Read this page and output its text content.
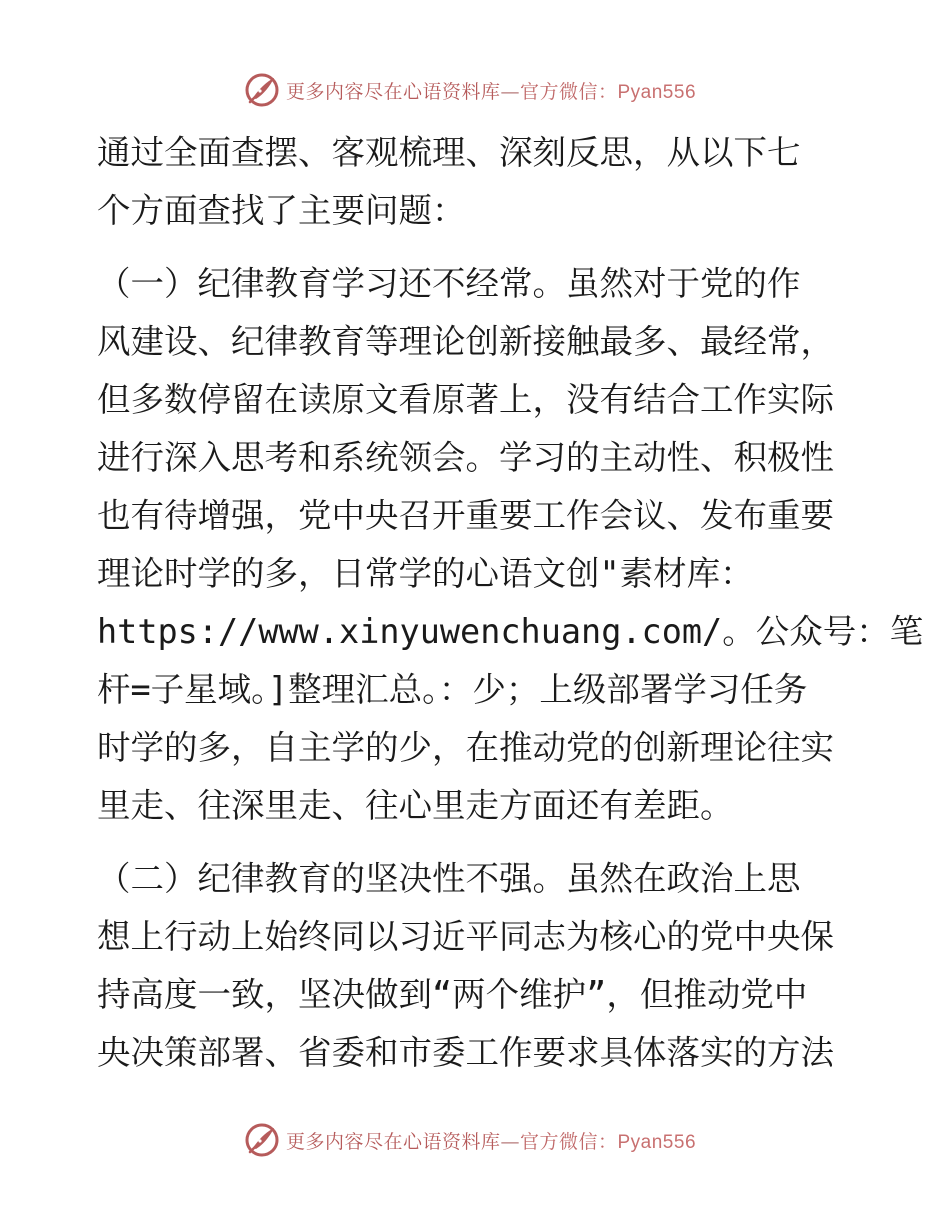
更多内容尽在心语资料库—官方微信：Pyan556
通过全面查摆、客观梳理、深刻反思，从以下七
个方面查找了主要问题：
（一）纪律教育学习还不经常。虽然对于党的作
风建设、纪律教育等理论创新接触最多、最经常，
但多数停留在读原文看原著上，没有结合工作实际
进行深入思考和系统领会。学习的主动性、积极性
也有待增强，党中央召开重要工作会议、发布重要
理论时学的多，日常学的心语文创"素材库：
https://www.xinyuwenchuang.com/。公众号：笔
杆=子星域。]整理汇总。：少；上级部署学习任务
时学的多，自主学的少，在推动党的创新理论往实
里走、往深里走、往心里走方面还有差距。
（二）纪律教育的坚决性不强。虽然在政治上思
想上行动上始终同以习近平同志为核心的党中央保
持高度一致，坚决做到“两个维护”，但推动党中
央决策部署、省委和市委工作要求具体落实的方法
更多内容尽在心语资料库—官方微信：Pyan556
